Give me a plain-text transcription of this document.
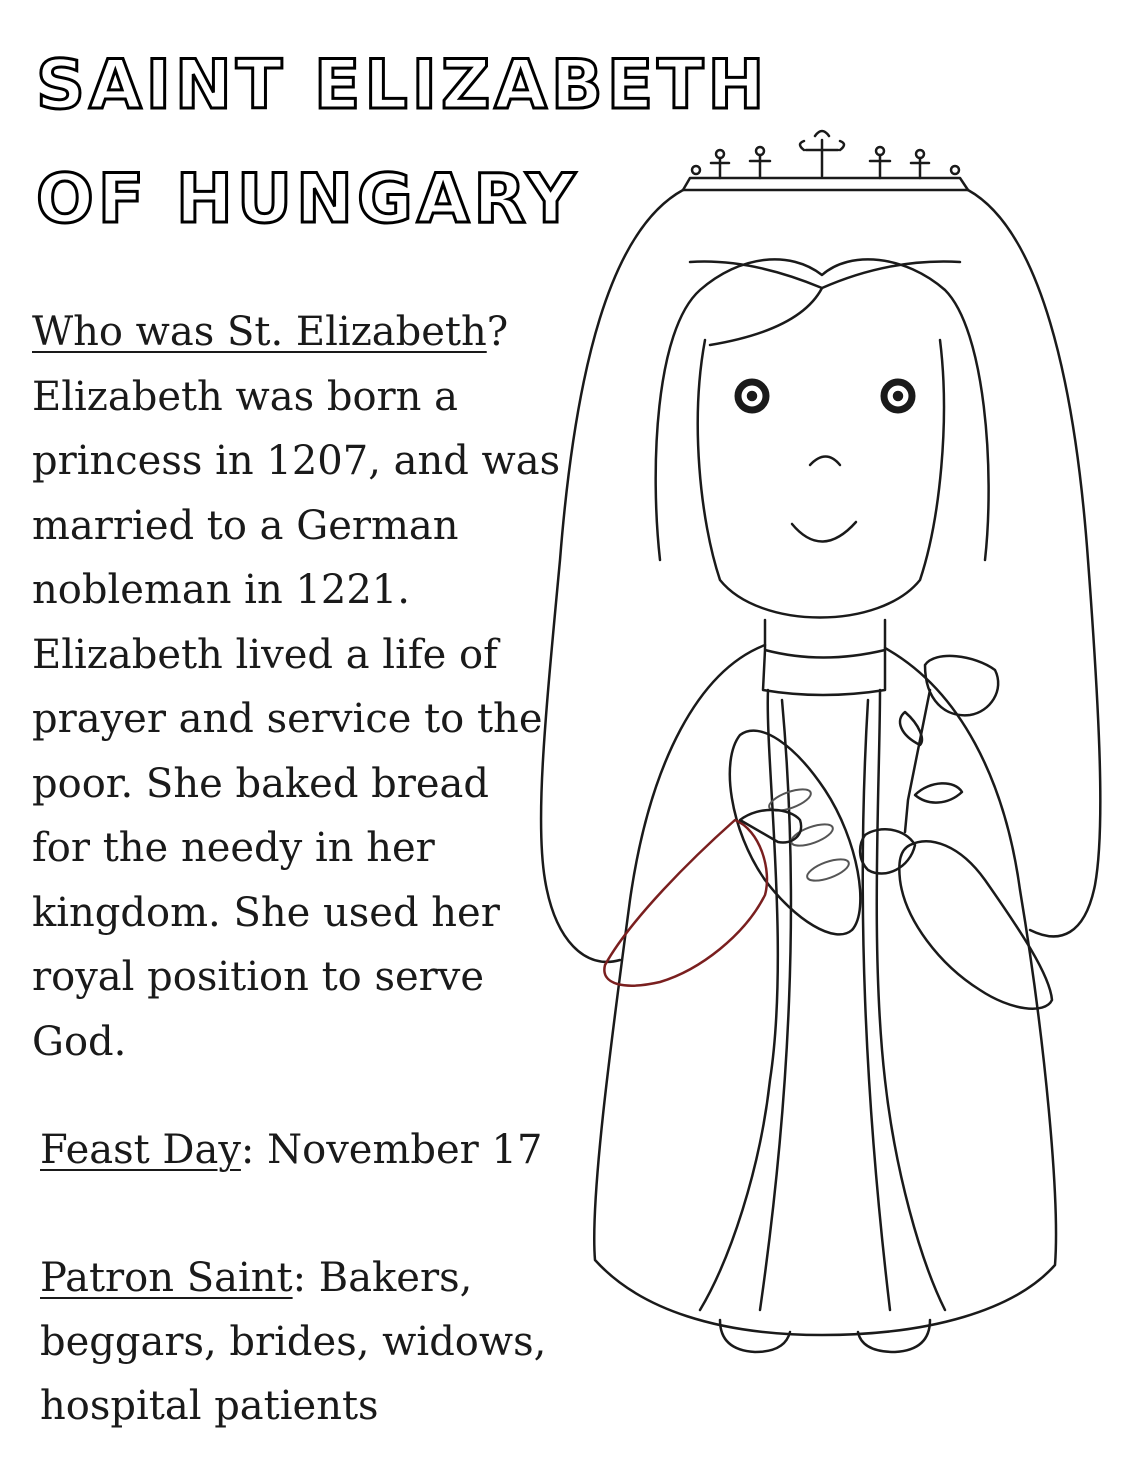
SAINT ELIZABETH
OF HUNGARY
Who was St. Elizabeth?
Elizabeth was born a
princess in 1207, and was
married to a German
nobleman in 1221.
Elizabeth lived a life of
prayer and service to the
poor. She baked bread
for the needy in her
kingdom. She used her
royal position to serve
God.
Feast Day: November 17
Patron Saint: Bakers,
beggars, brides, widows,
hospital patients
